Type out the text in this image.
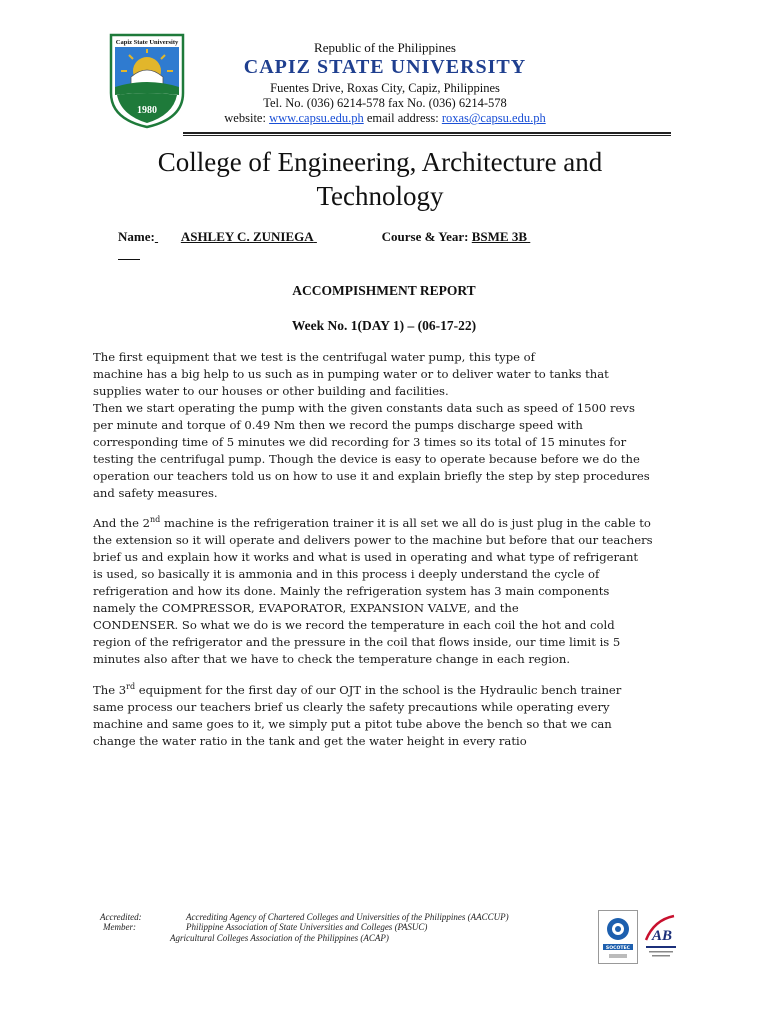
Capiz State University
1980
Republic of the Philippines
CAPIZ STATE UNIVERSITY
Fuentes Drive, Roxas City, Capiz, Philippines
Tel. No. (036) 6214-578 fax No. (036) 6214-578
website: www.capsu.edu.ph email address: roxas@capsu.edu.ph
College of Engineering, Architecture and
Technology
Name: ASHLEY C. ZUNIEGA	Course & Year: BSME 3B
ACCOMPISHMENT REPORT
Week No. 1(DAY 1) – (06-17-22)
The first equipment that we test is the centrifugal water pump, this type of
machine has a big help to us such as in pumping water or to deliver water to tanks that
supplies water to our houses or other building and facilities.
Then we start operating the pump with the given constants data such as speed of 1500 revs
per minute and torque of 0.49 Nm then we record the pumps discharge speed with
corresponding time of 5 minutes we did recording for 3 times so its total of 15 minutes for
testing the centrifugal pump. Though the device is easy to operate because before we do the
operation our teachers told us on how to use it and explain briefly the step by step procedures
and safety measures.
And the 2nd machine is the refrigeration trainer it is all set we all do is just plug in the cable to
the extension so it will operate and delivers power to the machine but before that our teachers
brief us and explain how it works and what is used in operating and what type of refrigerant
is used, so basically it is ammonia and in this process i deeply understand the cycle of
refrigeration and how its done. Mainly the refrigeration system has 3 main components
namely the COMPRESSOR, EVAPORATOR, EXPANSION VALVE, and the
CONDENSER. So what we do is we record the temperature in each coil the hot and cold
region of the refrigerator and the pressure in the coil that flows inside, our time limit is 5
minutes also after that we have to check the temperature change in each region.
The 3rd equipment for the first day of our OJT in the school is the Hydraulic bench trainer
same process our teachers brief us clearly the safety precautions while operating every
machine and same goes to it, we simply put a pitot tube above the bench so that we can
change the water ratio in the tank and get the water height in every ratio
Accredited:
Member:
Accrediting Agency of Chartered Colleges and Universities of the Philippines (AACCUP)
Philippine Association of State Universities and Colleges (PASUC)
Agricultural Colleges Association of the Philippines (ACAP)
SOCOTEC
AB
